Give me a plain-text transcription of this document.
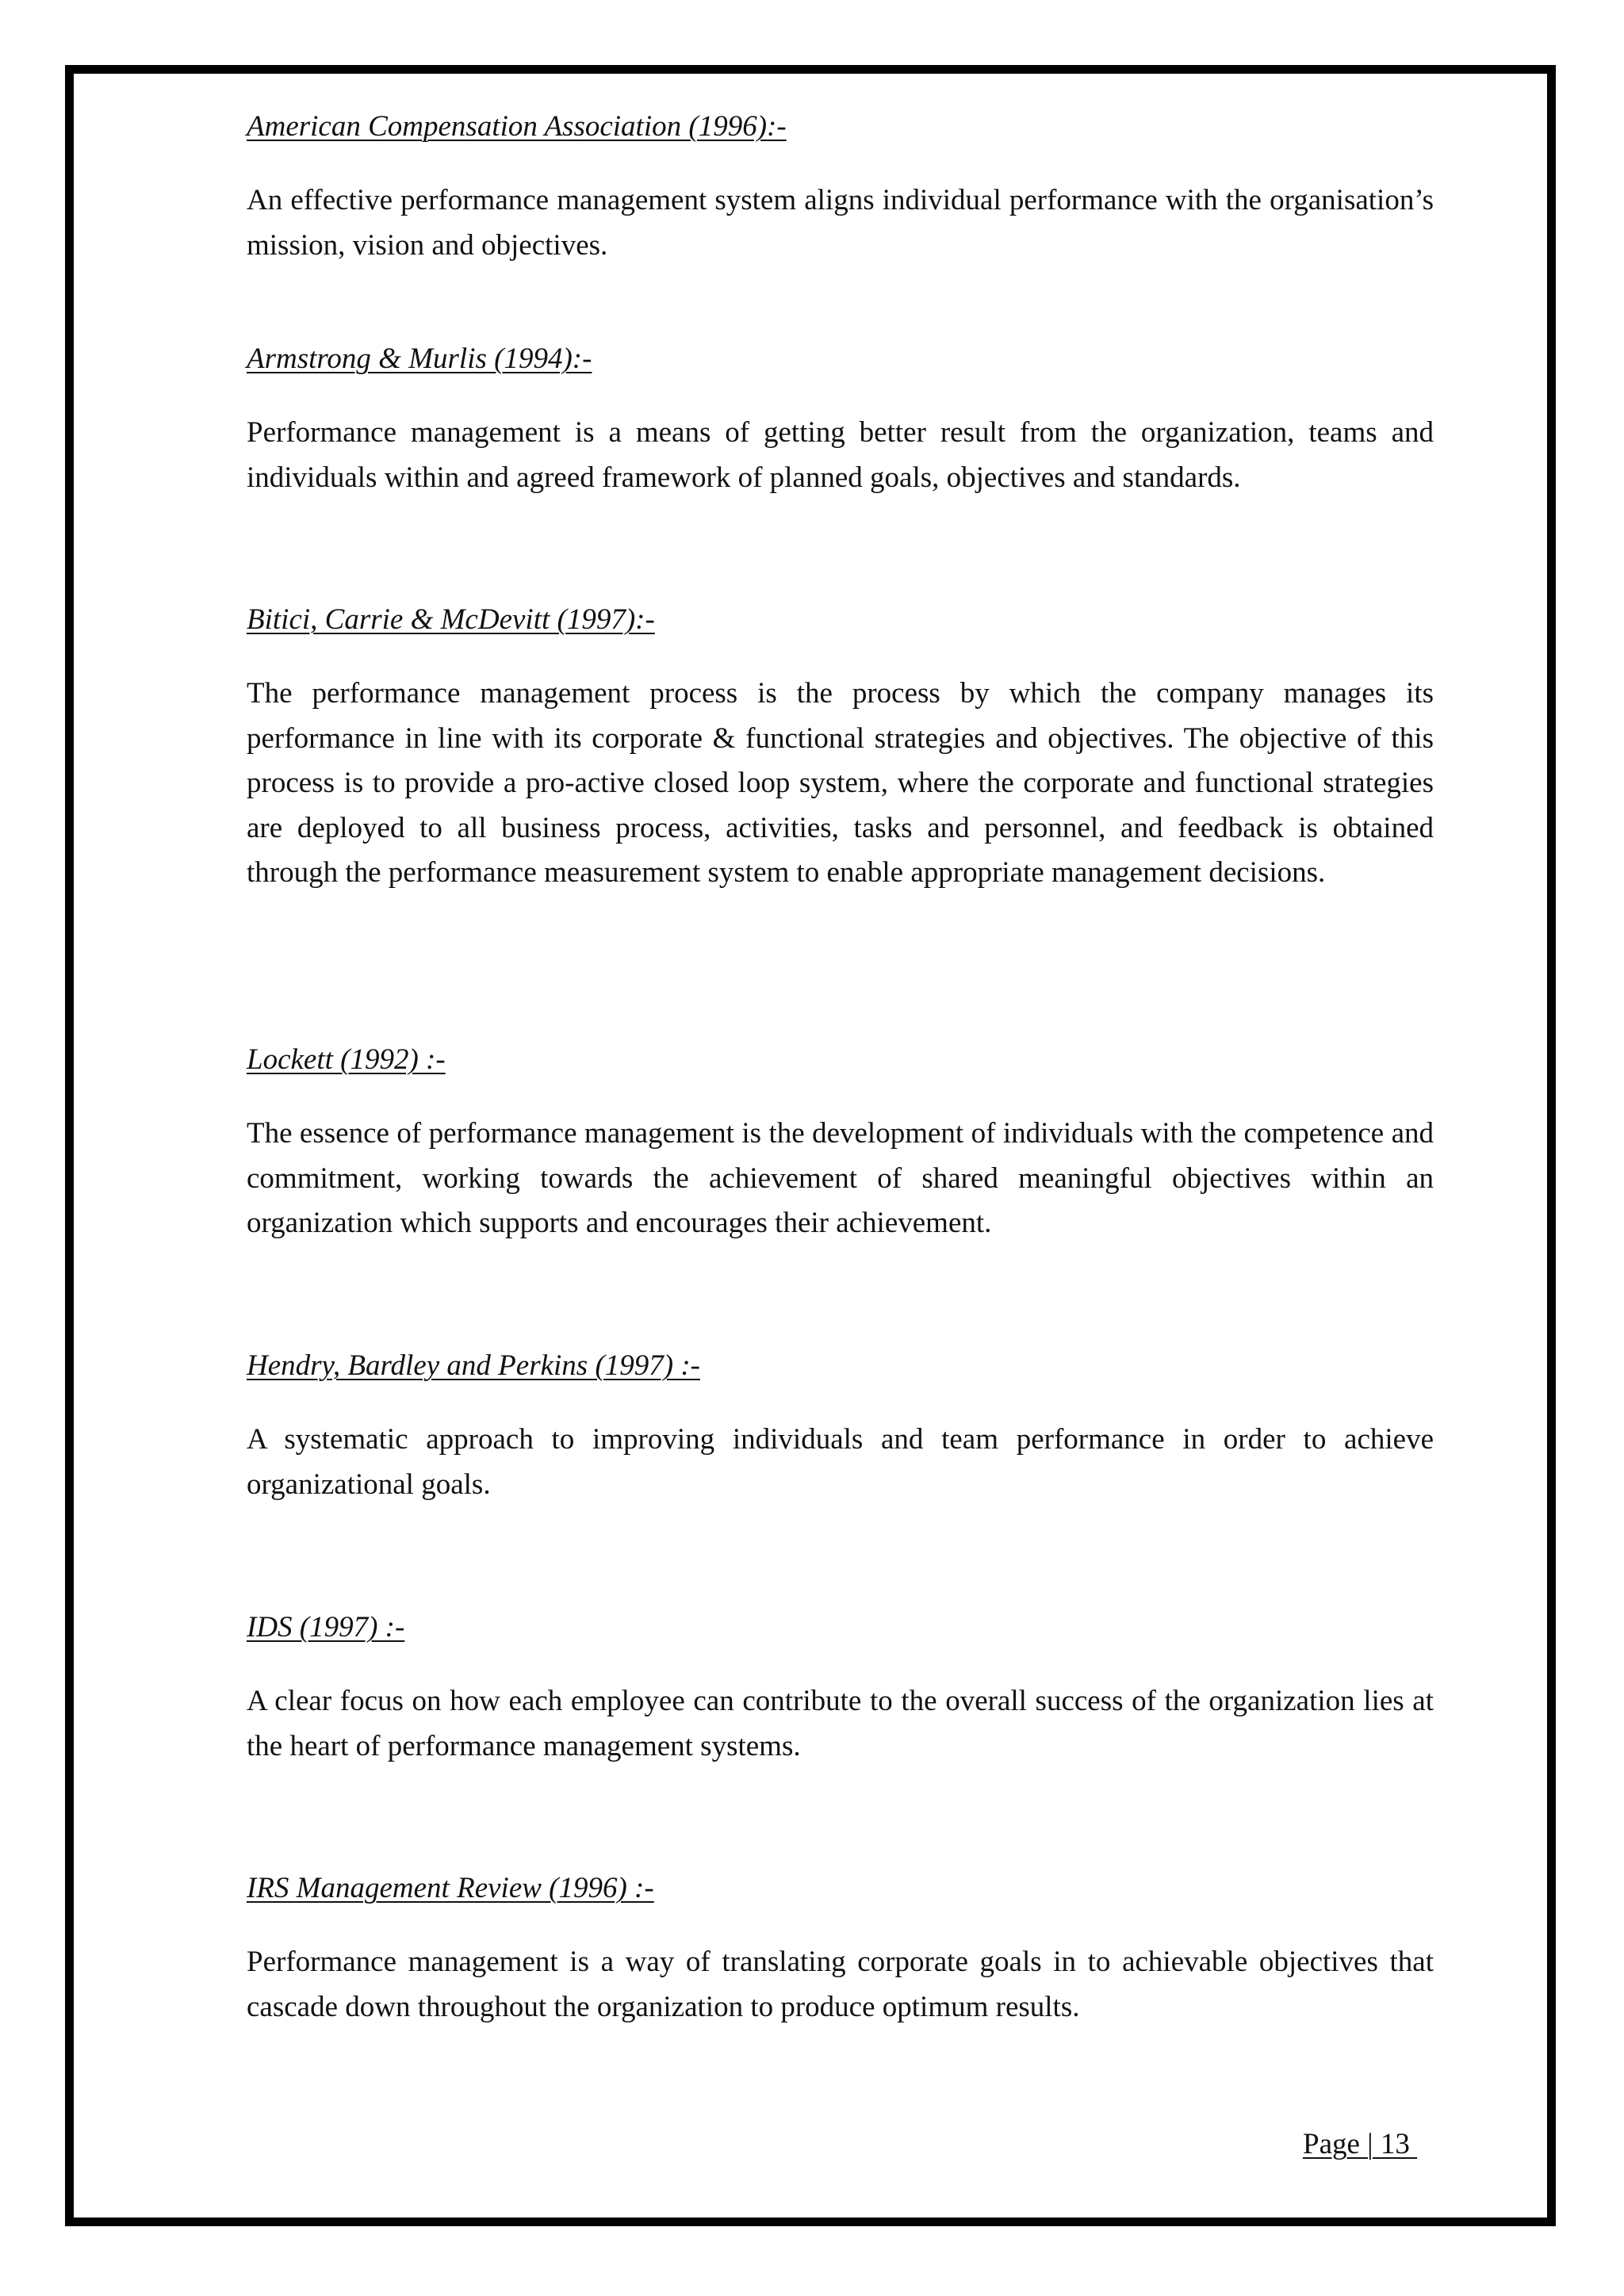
American Compensation Association (1996):-

An effective performance management system aligns individual performance with the organisation’s mission, vision and objectives.

Armstrong & Murlis (1994):-

Performance management is a means of getting better result from the organization, teams and individuals within and agreed framework of planned goals, objectives and standards.

Bitici, Carrie & McDevitt (1997):-

The performance management process is the process by which the company manages its performance in line with its corporate & functional strategies and objectives. The objective of this process is to provide a pro-active closed loop system, where the corporate and functional strategies are deployed to all business process, activities, tasks and personnel, and feedback is obtained through the performance measurement system to enable appropriate management decisions.

Lockett (1992) :-

The essence of performance management is the development of individuals with the competence and commitment, working towards the achievement of shared meaningful objectives within an organization which supports and encourages their achievement.

Hendry, Bardley and Perkins (1997) :-

A systematic approach to improving individuals and team performance in order to achieve organizational goals.

IDS (1997) :-

A clear focus on how each employee can contribute to the overall success of the organization lies at the heart of performance management systems.

IRS Management Review (1996) :-

Performance management is a way of translating corporate goals in to achievable objectives that cascade down throughout the organization to produce optimum results.

Page | 13
